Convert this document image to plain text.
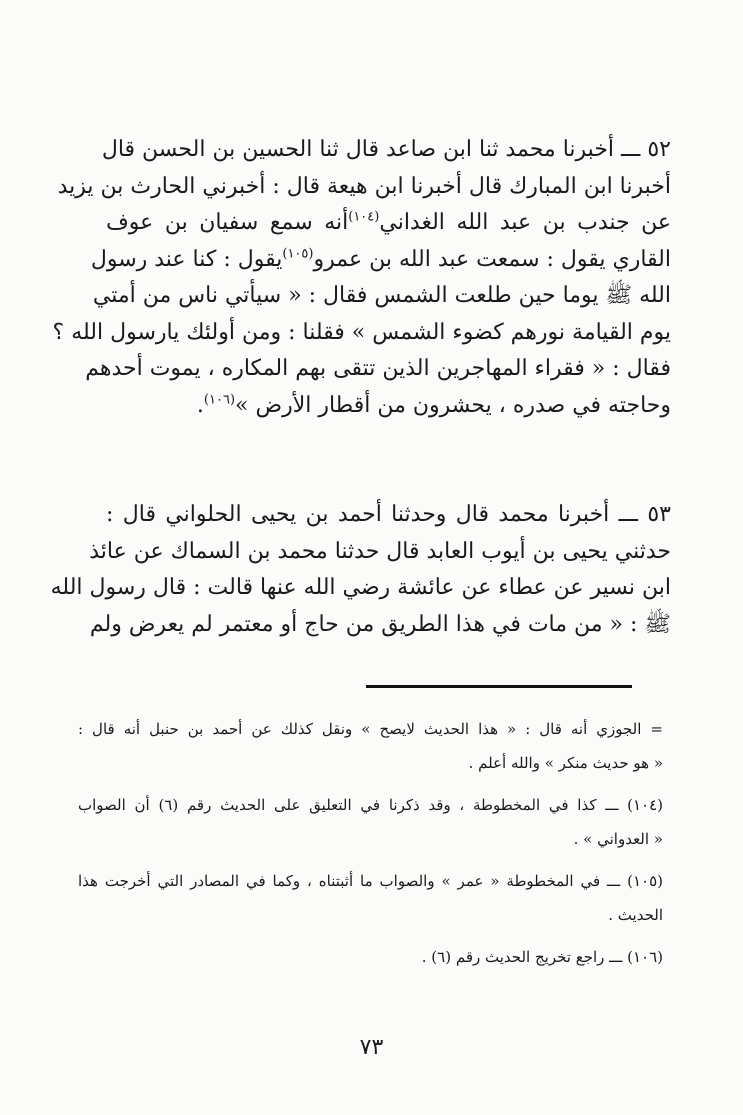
٥٢ ـــ أخبرنا محمد ثنا ابن صاعد قال ثنا الحسين بن الحسن قال
أخبرنا ابن المبارك قال أخبرنا ابن هيعة قال : أخبرني الحارث بن يزيد
عن جندب بن عبد الله الغداني$^{(١٠٤)}$أنه سمع سفيان بن عوف
القاري يقول : سمعت عبد الله بن عمرو$^{(١٠٥)}$يقول : كنا عند رسول
الله ﷺ يوما حين طلعت الشمس فقال : « سيأتي ناس من أمتي
يوم القيامة نورهم كضوء الشمس » فقلنا : ومن أولئك يارسول الله ؟
فقال : « فقراء المهاجرين الذين تتقى بهم المكاره ، يموت أحدهم
وحاجته في صدره ، يحشرون من أقطار الأرض »$^{(١٠٦)}$.
٥٣ ـــ أخبرنا محمد قال وحدثنا أحمد بن يحيى الحلواني قال :
حدثني يحيى بن أيوب العابد قال حدثنا محمد بن السماك عن عائذ
ابن نسير عن عطاء عن عائشة رضي الله عنها قالت : قال رسول الله
ﷺ : « من مات في هذا الطريق من حاج أو معتمر لم يعرض ولم
= الجوزي أنه قال : « هذا الحديث لايصح » ونقل كذلك عن أحمد بن حنبل أنه قال :
« هو حديث منكر » والله أعلم .
(١٠٤) ـــ كذا في المخطوطة ، وقد ذكرنا في التعليق على الحديث رقم (٦) أن الصواب
« العدواني » .
(١٠٥) ـــ في المخطوطة « عمر » والصواب ما أثبتناه ، وكما في المصادر التي أخرجت هذا
الحديث .
(١٠٦) ـــ راجع تخريج الحديث رقم (٦) .
٧٣
